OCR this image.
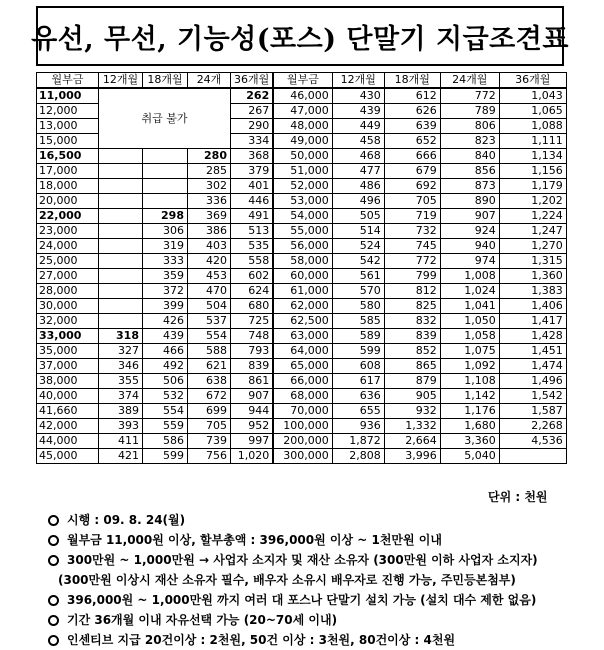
유선, 무선, 기능성(포스) 단말기 지급조견표
월부금	12개월	18개월	24개	36개월	월부금	12개월	18개월	24개월	36개월
11,000	취급 불가			262	46,000	430	612	772	1,043
12,000				267	47,000	439	626	789	1,065
13,000				290	48,000	449	639	806	1,088
15,000				334	49,000	458	652	823	1,111
16,500			280	368	50,000	468	666	840	1,134
17,000			285	379	51,000	477	679	856	1,156
18,000			302	401	52,000	486	692	873	1,179
20,000			336	446	53,000	496	705	890	1,202
22,000		298	369	491	54,000	505	719	907	1,224
23,000		306	386	513	55,000	514	732	924	1,247
24,000		319	403	535	56,000	524	745	940	1,270
25,000		333	420	558	58,000	542	772	974	1,315
27,000		359	453	602	60,000	561	799	1,008	1,360
28,000		372	470	624	61,000	570	812	1,024	1,383
30,000		399	504	680	62,000	580	825	1,041	1,406
32,000		426	537	725	62,500	585	832	1,050	1,417
33,000	318	439	554	748	63,000	589	839	1,058	1,428
35,000	327	466	588	793	64,000	599	852	1,075	1,451
37,000	346	492	621	839	65,000	608	865	1,092	1,474
38,000	355	506	638	861	66,000	617	879	1,108	1,496
40,000	374	532	672	907	68,000	636	905	1,142	1,542
41,660	389	554	699	944	70,000	655	932	1,176	1,587
42,000	393	559	705	952	100,000	936	1,332	1,680	2,268
44,000	411	586	739	997	200,000	1,872	2,664	3,360	4,536
45,000	421	599	756	1,020	300,000	2,808	3,996	5,040	
단위 : 천원
시행 : 09. 8. 24(월)
월부금 11,000원 이상, 할부총액 : 396,000원 이상 ~ 1천만원 이내
300만원 ~ 1,000만원 → 사업자 소지자 및 재산 소유자 (300만원 이하 사업자 소지자)
(300만원 이상시 재산 소유자 필수, 배우자 소유시 배우자로 진행 가능, 주민등본첨부)
396,000원 ~ 1,000만원 까지 여러 대 포스나 단말기 설치 가능 (설치 대수 제한 없음)
기간 36개월 이내 자유선택 가능 (20~70세 이내)
인센티브 지급 20건이상 : 2천원, 50건 이상 : 3천원, 80건이상 : 4천원
